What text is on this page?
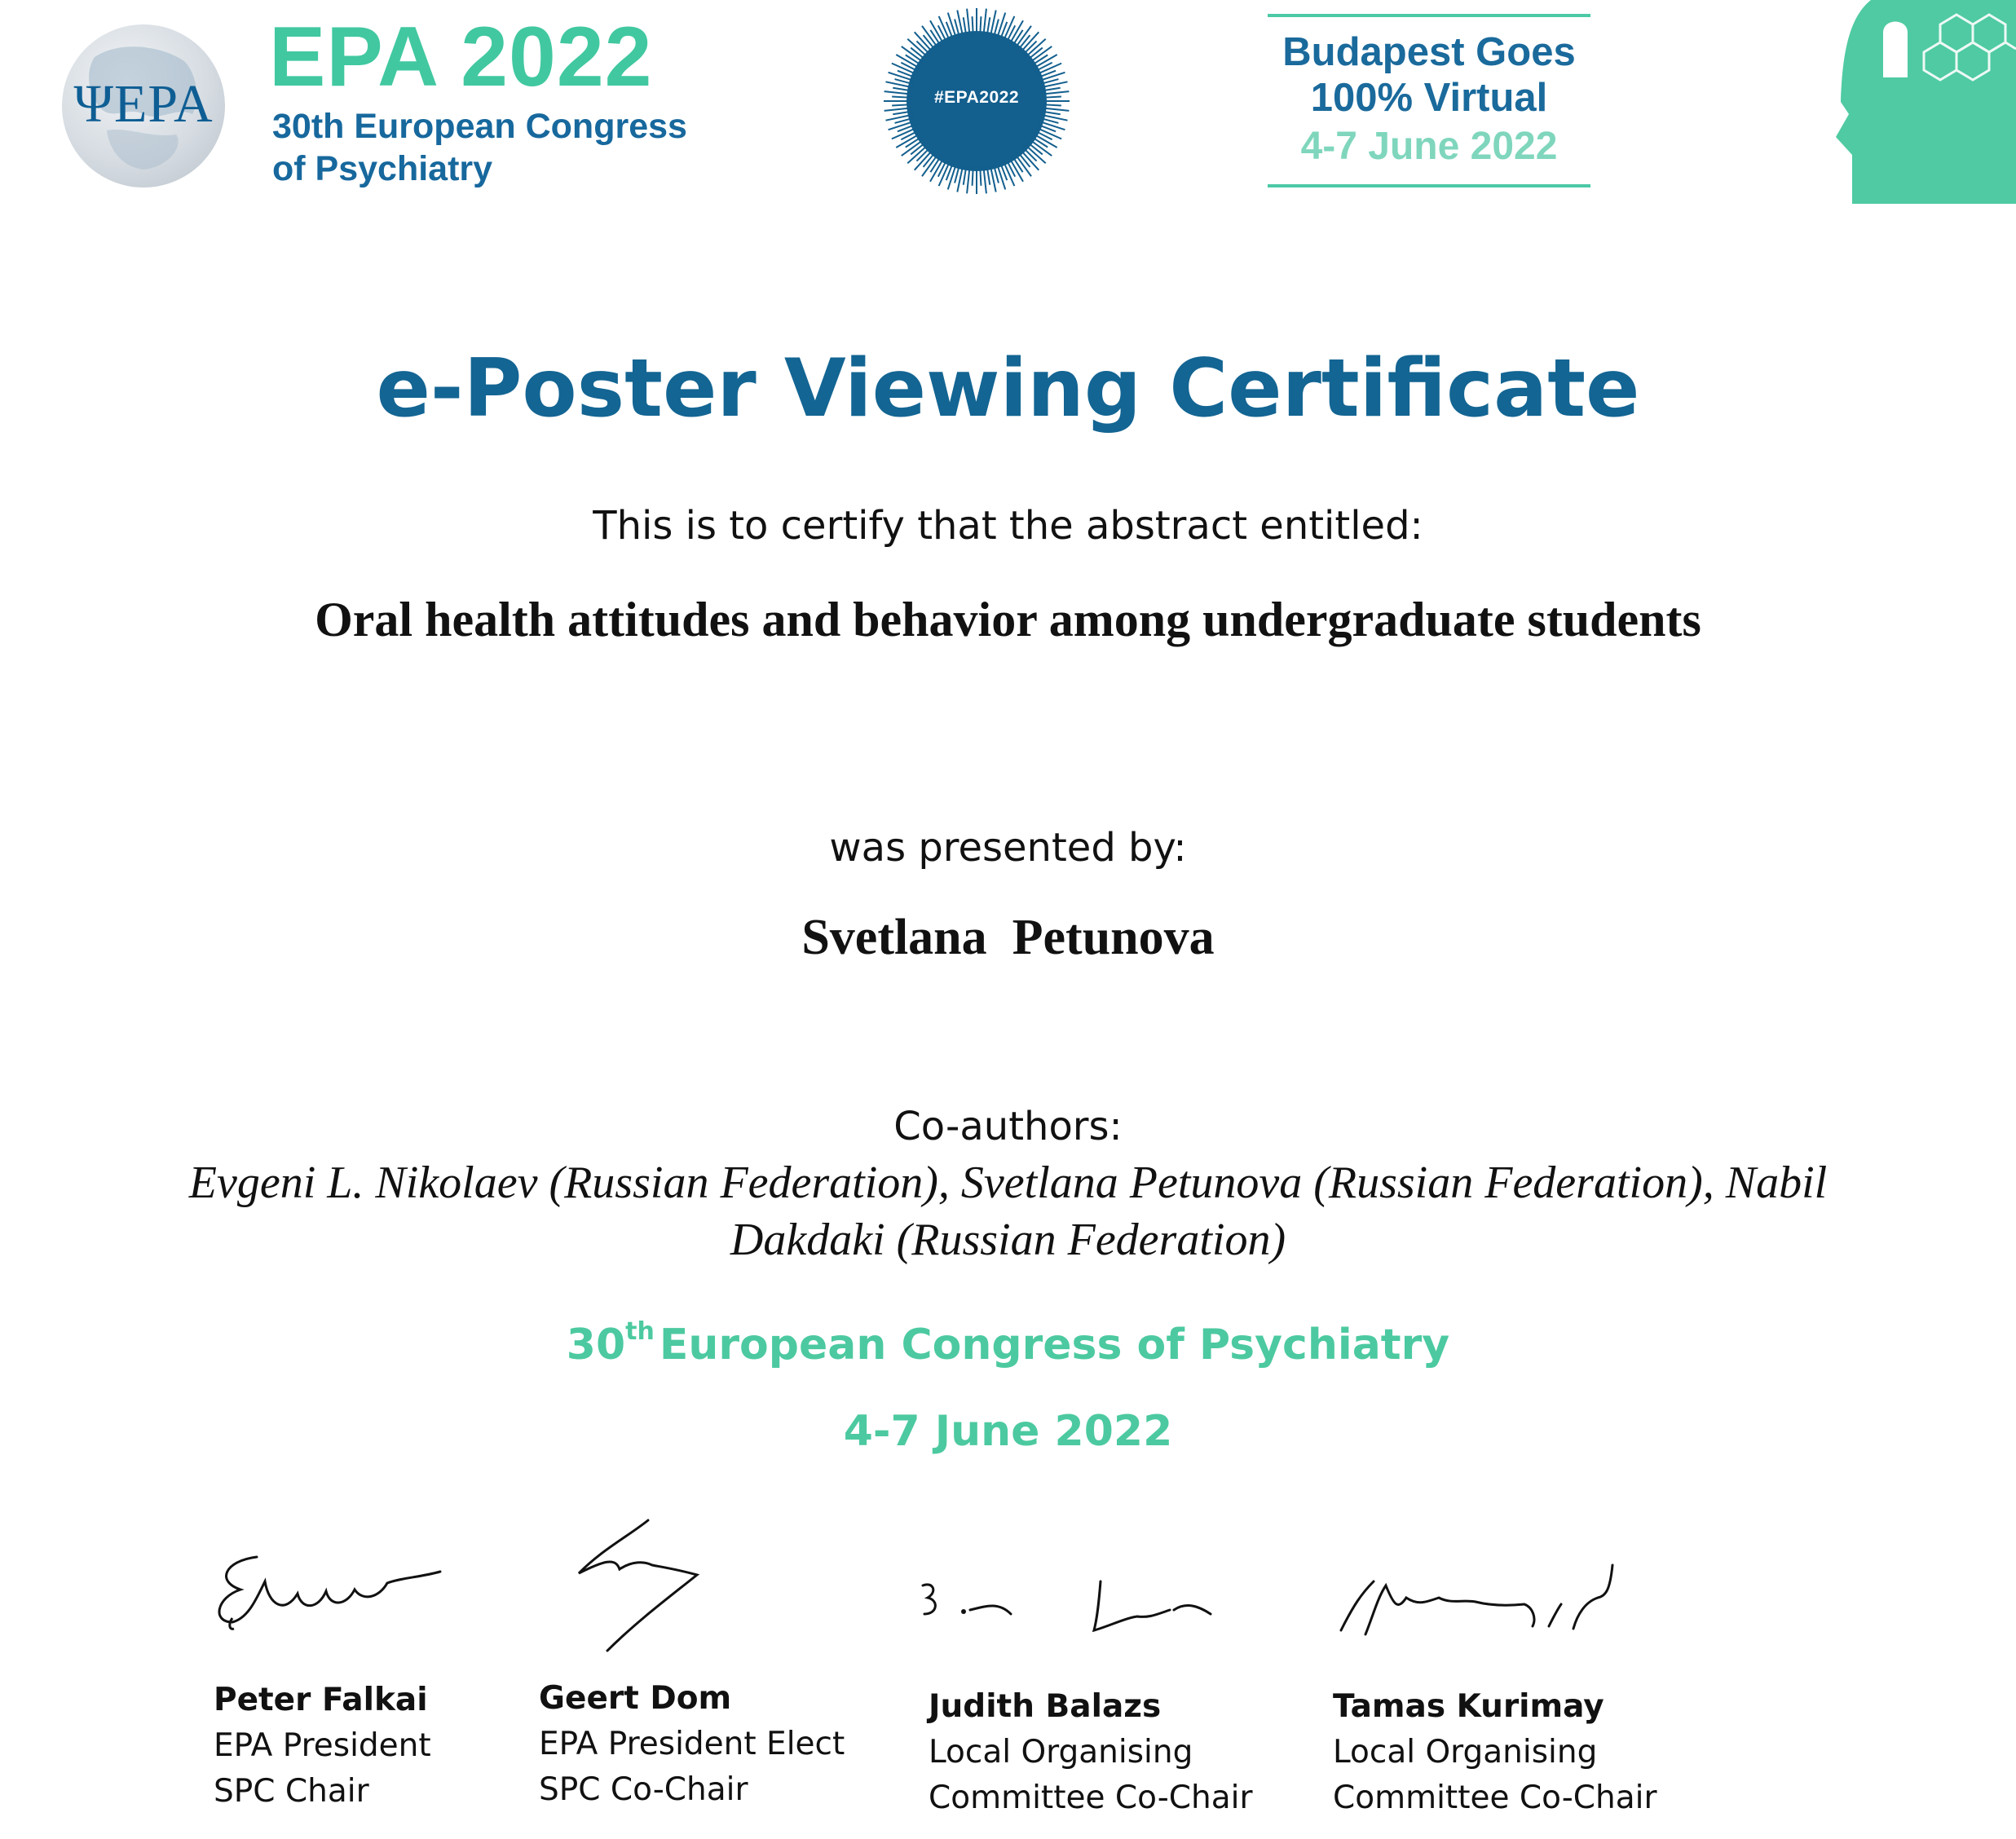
ΨEPA EPA 2022
30th European Congress
of Psychiatry
#EPA2022
Budapest Goes
100% Virtual
4-7 June 2022
e-Poster Viewing Certificate
This is to certify that the abstract entitled:
Oral health attitudes and behavior among undergraduate students
was presented by:
Svetlana  Petunova
Co-authors:
Evgeni L. Nikolaev (Russian Federation), Svetlana Petunova (Russian Federation), Nabil Dakdaki (Russian Federation)
30th European Congress of Psychiatry
4-7 June 2022
Peter Falkai
EPA President
SPC Chair
Geert Dom
EPA President Elect
SPC Co-Chair
Judith Balazs
Local Organising
Committee Co-Chair
Tamas Kurimay
Local Organising
Committee Co-Chair
